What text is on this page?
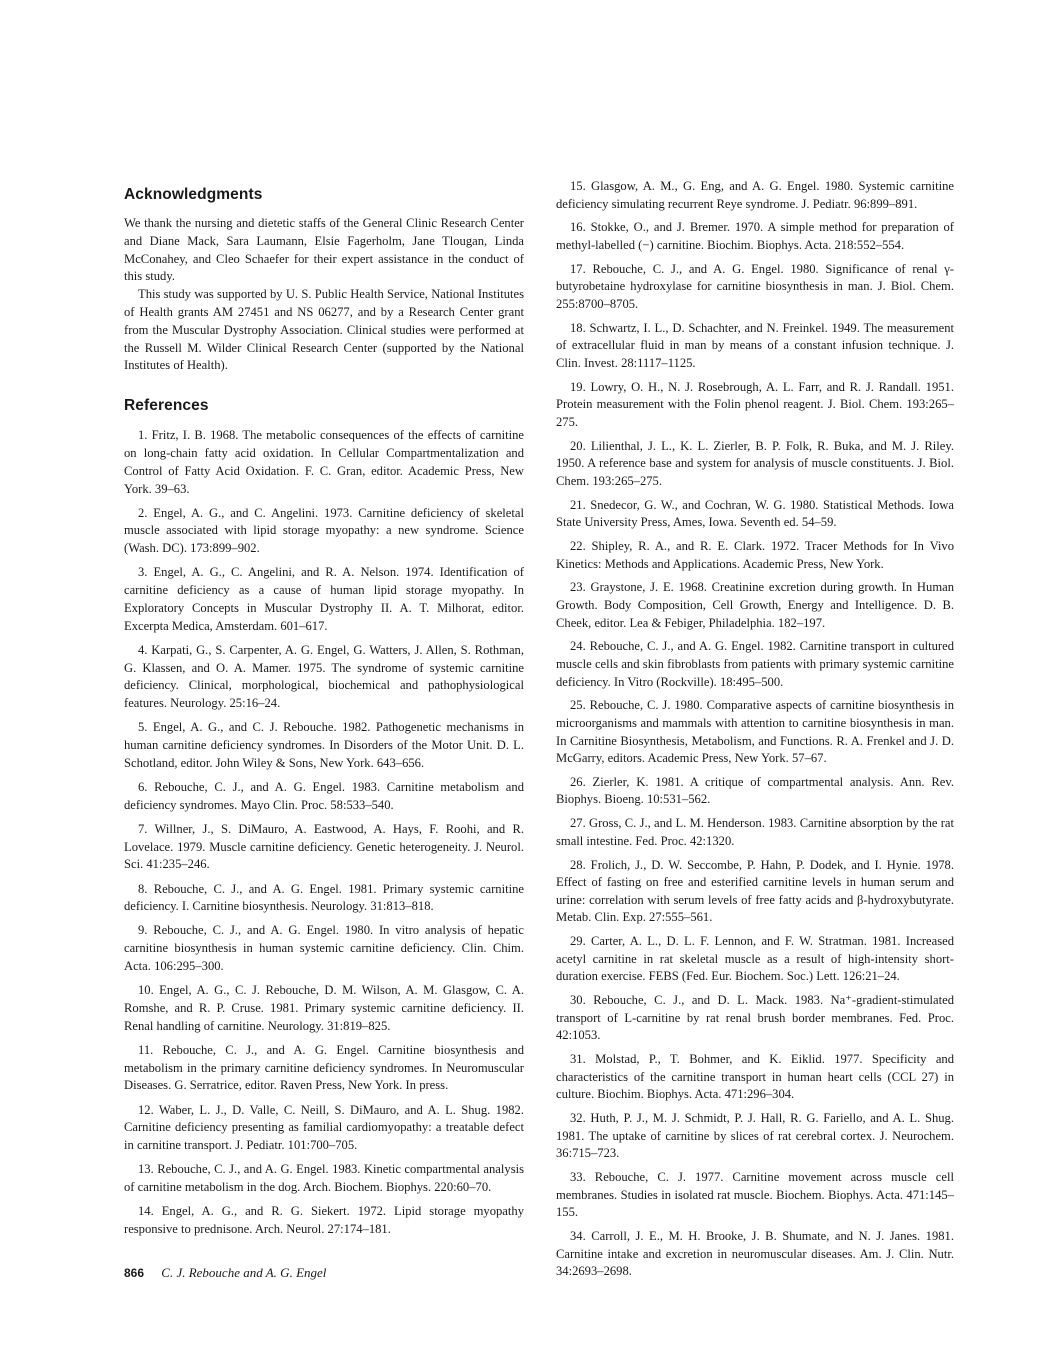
Acknowledgments

We thank the nursing and dietetic staffs of the General Clinic Research Center and Diane Mack, Sara Laumann, Elsie Fagerholm, Jane Tlougan, Linda McConahey, and Cleo Schaefer for their expert assistance in the conduct of this study.

This study was supported by U. S. Public Health Service, National Institutes of Health grants AM 27451 and NS 06277, and by a Research Center grant from the Muscular Dystrophy Association. Clinical studies were performed at the Russell M. Wilder Clinical Research Center (supported by the National Institutes of Health).

References

1. Fritz, I. B. 1968. The metabolic consequences of the effects of carnitine on long-chain fatty acid oxidation. In Cellular Compartmentalization and Control of Fatty Acid Oxidation. F. C. Gran, editor. Academic Press, New York. 39–63.

2. Engel, A. G., and C. Angelini. 1973. Carnitine deficiency of skeletal muscle associated with lipid storage myopathy: a new syndrome. Science (Wash. DC). 173:899–902.

3. Engel, A. G., C. Angelini, and R. A. Nelson. 1974. Identification of carnitine deficiency as a cause of human lipid storage myopathy. In Exploratory Concepts in Muscular Dystrophy II. A. T. Milhorat, editor. Excerpta Medica, Amsterdam. 601–617.

4. Karpati, G., S. Carpenter, A. G. Engel, G. Watters, J. Allen, S. Rothman, G. Klassen, and O. A. Mamer. 1975. The syndrome of systemic carnitine deficiency. Clinical, morphological, biochemical and pathophysiological features. Neurology. 25:16–24.

5. Engel, A. G., and C. J. Rebouche. 1982. Pathogenetic mechanisms in human carnitine deficiency syndromes. In Disorders of the Motor Unit. D. L. Schotland, editor. John Wiley & Sons, New York. 643–656.

6. Rebouche, C. J., and A. G. Engel. 1983. Carnitine metabolism and deficiency syndromes. Mayo Clin. Proc. 58:533–540.

7. Willner, J., S. DiMauro, A. Eastwood, A. Hays, F. Roohi, and R. Lovelace. 1979. Muscle carnitine deficiency. Genetic heterogeneity. J. Neurol. Sci. 41:235–246.

8. Rebouche, C. J., and A. G. Engel. 1981. Primary systemic carnitine deficiency. I. Carnitine biosynthesis. Neurology. 31:813–818.

9. Rebouche, C. J., and A. G. Engel. 1980. In vitro analysis of hepatic carnitine biosynthesis in human systemic carnitine deficiency. Clin. Chim. Acta. 106:295–300.

10. Engel, A. G., C. J. Rebouche, D. M. Wilson, A. M. Glasgow, C. A. Romshe, and R. P. Cruse. 1981. Primary systemic carnitine deficiency. II. Renal handling of carnitine. Neurology. 31:819–825.

11. Rebouche, C. J., and A. G. Engel. Carnitine biosynthesis and metabolism in the primary carnitine deficiency syndromes. In Neuromuscular Diseases. G. Serratrice, editor. Raven Press, New York. In press.

12. Waber, L. J., D. Valle, C. Neill, S. DiMauro, and A. L. Shug. 1982. Carnitine deficiency presenting as familial cardiomyopathy: a treatable defect in carnitine transport. J. Pediatr. 101:700–705.

13. Rebouche, C. J., and A. G. Engel. 1983. Kinetic compartmental analysis of carnitine metabolism in the dog. Arch. Biochem. Biophys. 220:60–70.

14. Engel, A. G., and R. G. Siekert. 1972. Lipid storage myopathy responsive to prednisone. Arch. Neurol. 27:174–181.

15. Glasgow, A. M., G. Eng, and A. G. Engel. 1980. Systemic carnitine deficiency simulating recurrent Reye syndrome. J. Pediatr. 96:899–891.

16. Stokke, O., and J. Bremer. 1970. A simple method for preparation of methyl-labelled (−) carnitine. Biochim. Biophys. Acta. 218:552–554.

17. Rebouche, C. J., and A. G. Engel. 1980. Significance of renal γ-butyrobetaine hydroxylase for carnitine biosynthesis in man. J. Biol. Chem. 255:8700–8705.

18. Schwartz, I. L., D. Schachter, and N. Freinkel. 1949. The measurement of extracellular fluid in man by means of a constant infusion technique. J. Clin. Invest. 28:1117–1125.

19. Lowry, O. H., N. J. Rosebrough, A. L. Farr, and R. J. Randall. 1951. Protein measurement with the Folin phenol reagent. J. Biol. Chem. 193:265–275.

20. Lilienthal, J. L., K. L. Zierler, B. P. Folk, R. Buka, and M. J. Riley. 1950. A reference base and system for analysis of muscle constituents. J. Biol. Chem. 193:265–275.

21. Snedecor, G. W., and Cochran, W. G. 1980. Statistical Methods. Iowa State University Press, Ames, Iowa. Seventh ed. 54–59.

22. Shipley, R. A., and R. E. Clark. 1972. Tracer Methods for In Vivo Kinetics: Methods and Applications. Academic Press, New York.

23. Graystone, J. E. 1968. Creatinine excretion during growth. In Human Growth. Body Composition, Cell Growth, Energy and Intelligence. D. B. Cheek, editor. Lea & Febiger, Philadelphia. 182–197.

24. Rebouche, C. J., and A. G. Engel. 1982. Carnitine transport in cultured muscle cells and skin fibroblasts from patients with primary systemic carnitine deficiency. In Vitro (Rockville). 18:495–500.

25. Rebouche, C. J. 1980. Comparative aspects of carnitine biosynthesis in microorganisms and mammals with attention to carnitine biosynthesis in man. In Carnitine Biosynthesis, Metabolism, and Functions. R. A. Frenkel and J. D. McGarry, editors. Academic Press, New York. 57–67.

26. Zierler, K. 1981. A critique of compartmental analysis. Ann. Rev. Biophys. Bioeng. 10:531–562.

27. Gross, C. J., and L. M. Henderson. 1983. Carnitine absorption by the rat small intestine. Fed. Proc. 42:1320.

28. Frolich, J., D. W. Seccombe, P. Hahn, P. Dodek, and I. Hynie. 1978. Effect of fasting on free and esterified carnitine levels in human serum and urine: correlation with serum levels of free fatty acids and β-hydroxybutyrate. Metab. Clin. Exp. 27:555–561.

29. Carter, A. L., D. L. F. Lennon, and F. W. Stratman. 1981. Increased acetyl carnitine in rat skeletal muscle as a result of high-intensity short-duration exercise. FEBS (Fed. Eur. Biochem. Soc.) Lett. 126:21–24.

30. Rebouche, C. J., and D. L. Mack. 1983. Na⁺-gradient-stimulated transport of L-carnitine by rat renal brush border membranes. Fed. Proc. 42:1053.

31. Molstad, P., T. Bohmer, and K. Eiklid. 1977. Specificity and characteristics of the carnitine transport in human heart cells (CCL 27) in culture. Biochim. Biophys. Acta. 471:296–304.

32. Huth, P. J., M. J. Schmidt, P. J. Hall, R. G. Fariello, and A. L. Shug. 1981. The uptake of carnitine by slices of rat cerebral cortex. J. Neurochem. 36:715–723.

33. Rebouche, C. J. 1977. Carnitine movement across muscle cell membranes. Studies in isolated rat muscle. Biochem. Biophys. Acta. 471:145–155.

34. Carroll, J. E., M. H. Brooke, J. B. Shumate, and N. J. Janes. 1981. Carnitine intake and excretion in neuromuscular diseases. Am. J. Clin. Nutr. 34:2693–2698.

866 C. J. Rebouche and A. G. Engel
